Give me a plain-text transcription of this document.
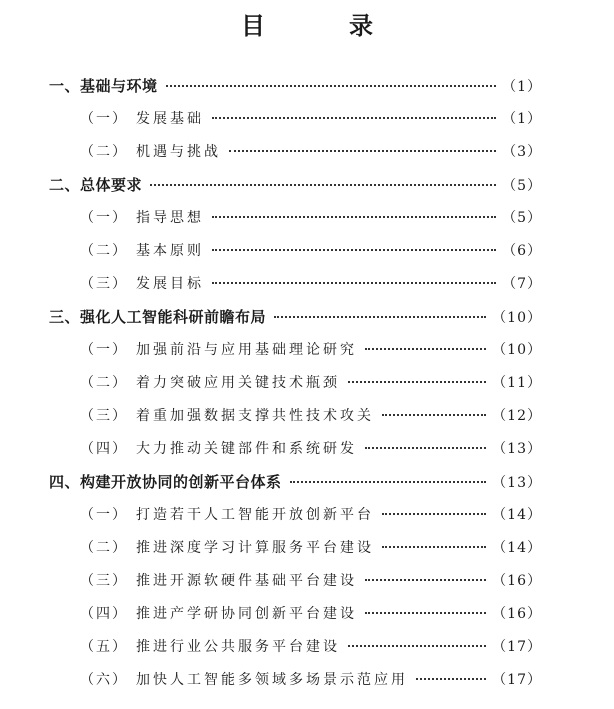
目　录
一、 基础与环境	（1）
（一） 发展基础	（1）
（二） 机遇与挑战	（3）
二、 总体要求	（5）
（一） 指导思想	（5）
（二） 基本原则	（6）
（三） 发展目标	（7）
三、 强化人工智能科研前瞻布局	（10）
（一） 加强前沿与应用基础理论研究	（10）
（二） 着力突破应用关键技术瓶颈	（11）
（三） 着重加强数据支撑共性技术攻关	（12）
（四） 大力推动关键部件和系统研发	（13）
四、 构建开放协同的创新平台体系	（13）
（一） 打造若干人工智能开放创新平台	（14）
（二） 推进深度学习计算服务平台建设	（14）
（三） 推进开源软硬件基础平台建设	（16）
（四） 推进产学研协同创新平台建设	（16）
（五） 推进行业公共服务平台建设	（17）
（六） 加快人工智能多领域多场景示范应用	（17）
